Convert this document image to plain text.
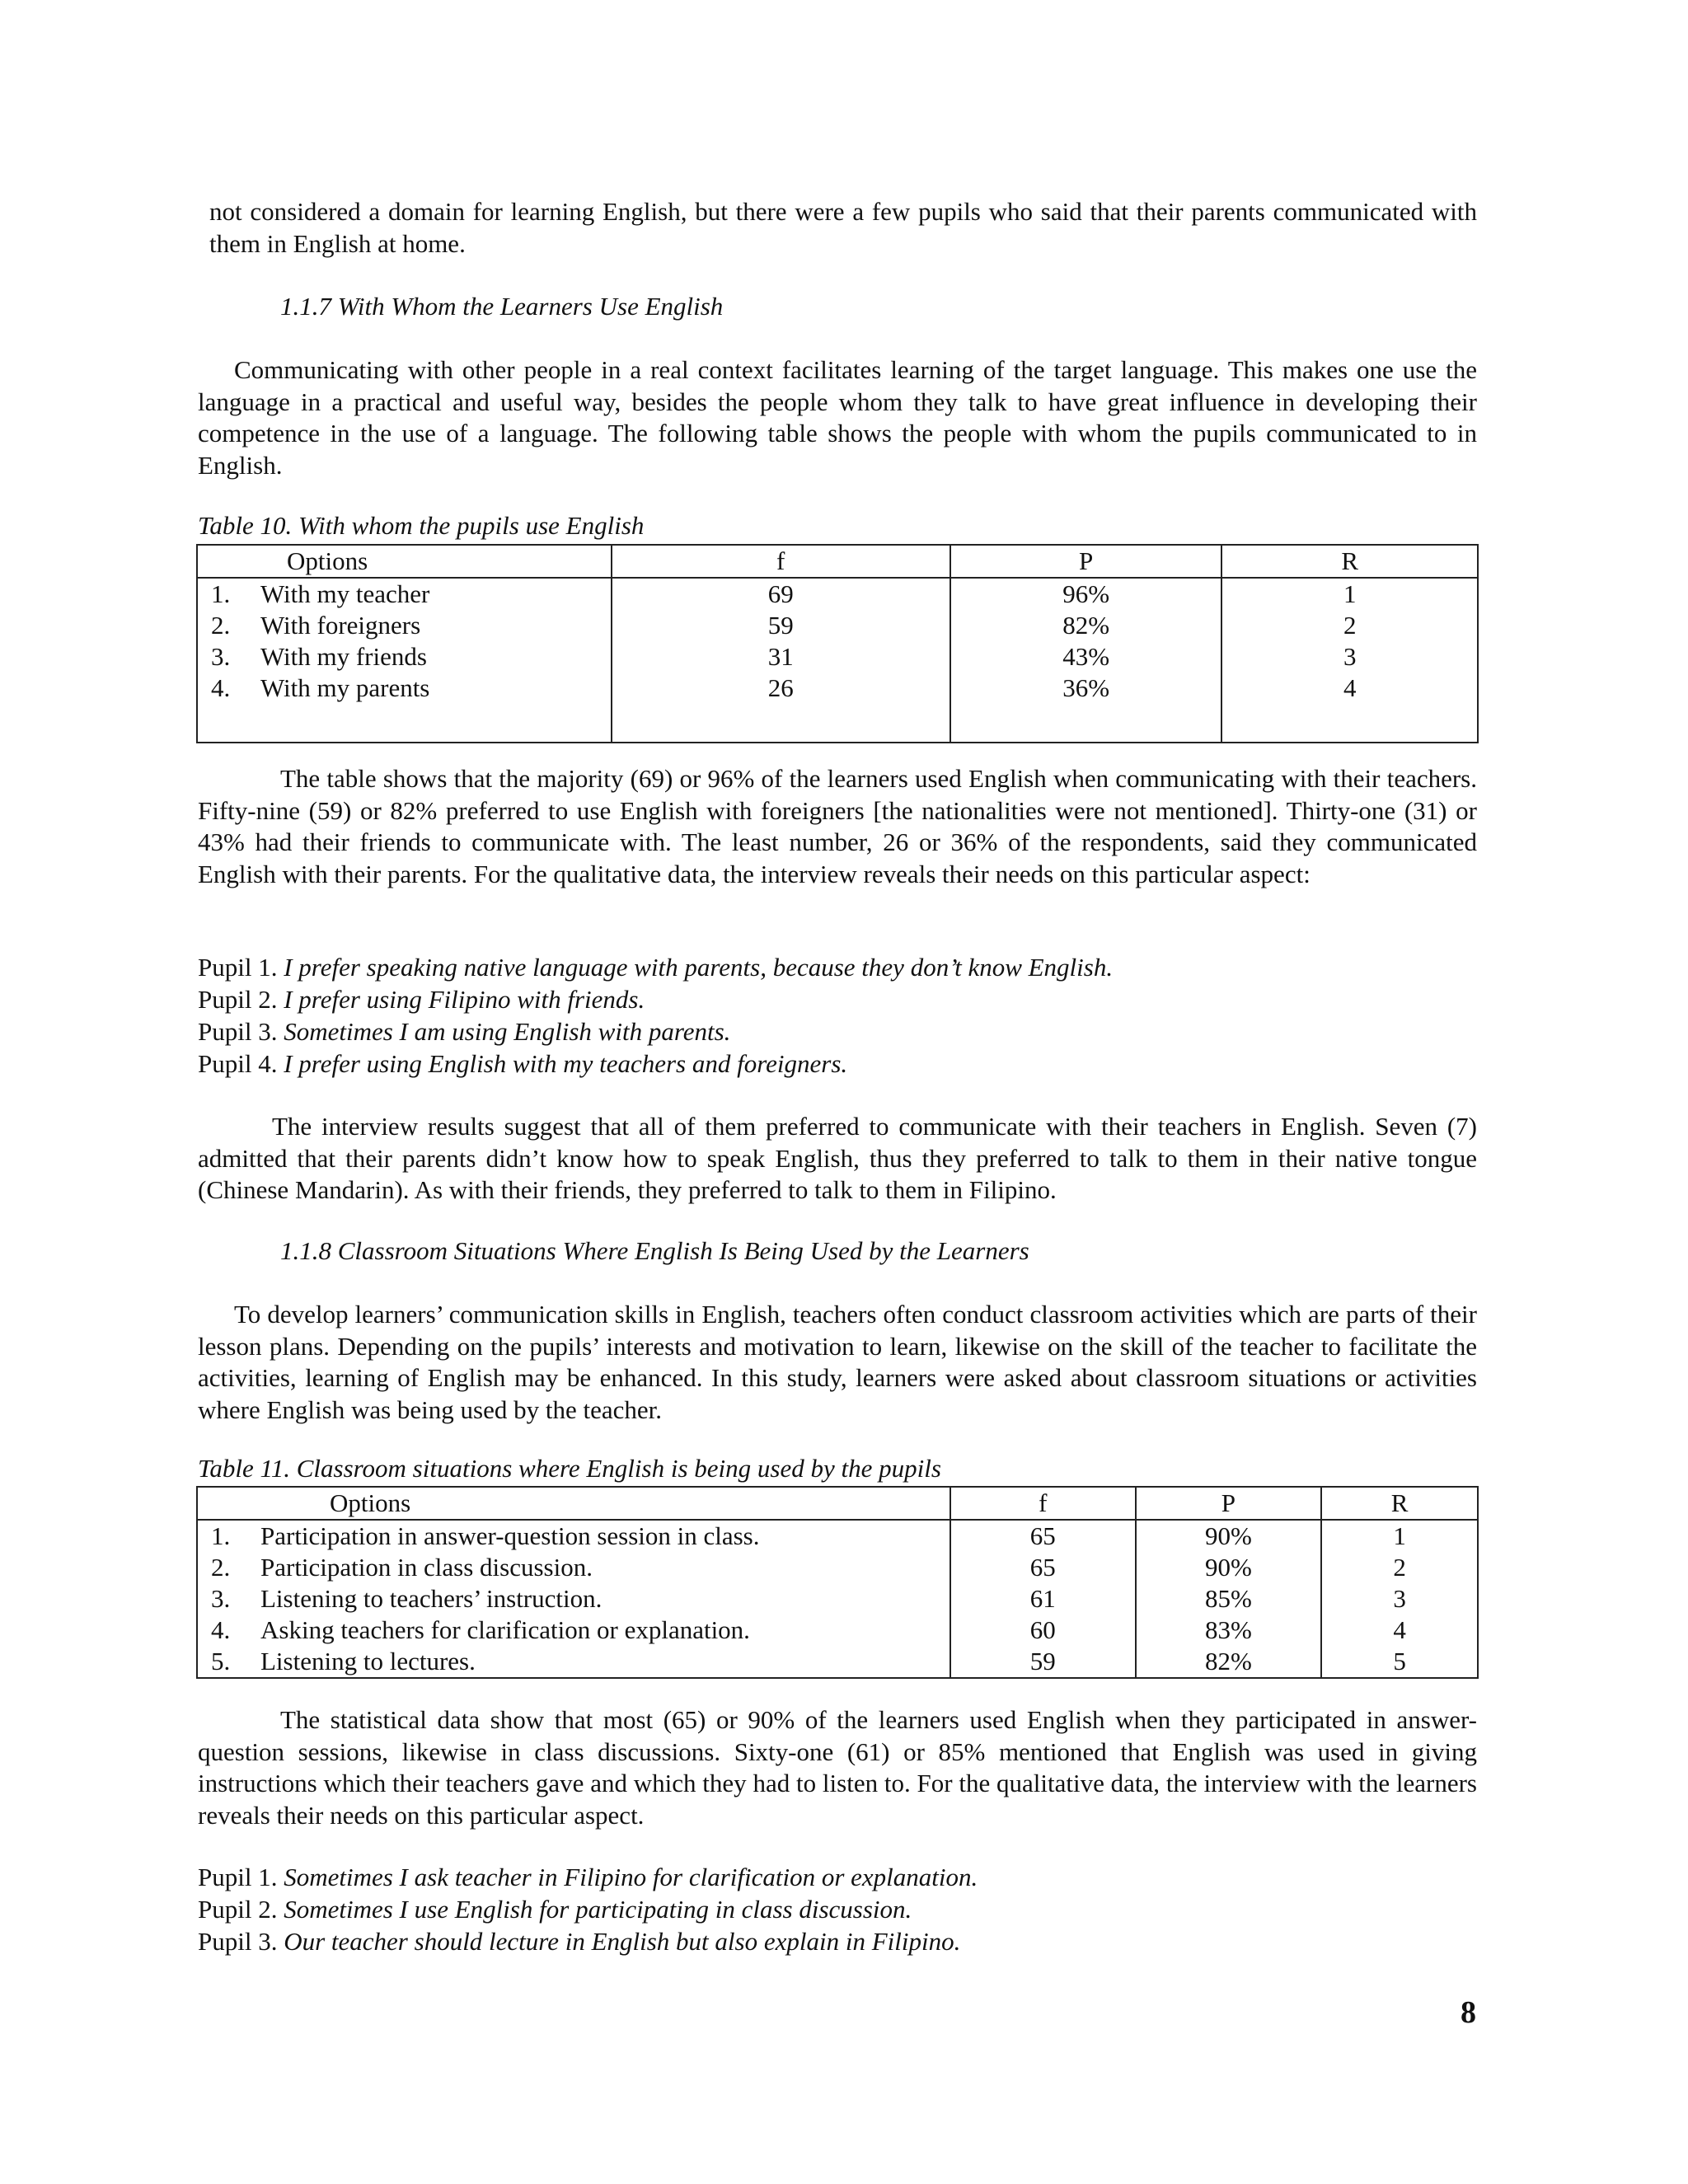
not considered a domain for learning English, but there were a few pupils who said that their parents communicated with them in English at home.

1.1.7 With Whom the Learners Use English

Communicating with other people in a real context facilitates learning of the target language. This makes one use the language in a practical and useful way, besides the people whom they talk to have great influence in developing their competence in the use of a language. The following table shows the people with whom the pupils communicated to in English.

Table 10. With whom the pupils use English

Options	f	P	R
1. With my teacher	69	96%	1
2. With foreigners	59	82%	2
3. With my friends	31	43%	3
4. With my parents	26	36%	4

The table shows that the majority (69) or 96% of the learners used English when communicating with their teachers. Fifty-nine (59) or 82% preferred to use English with foreigners [the nationalities were not mentioned]. Thirty-one (31) or 43% had their friends to communicate with. The least number, 26 or 36% of the respondents, said they communicated English with their parents. For the qualitative data, the interview reveals their needs on this particular aspect:

Pupil 1. I prefer speaking native language with parents, because they don’t know English.
Pupil 2. I prefer using Filipino with friends.
Pupil 3. Sometimes I am using English with parents.
Pupil 4. I prefer using English with my teachers and foreigners.

The interview results suggest that all of them preferred to communicate with their teachers in English. Seven (7) admitted that their parents didn’t know how to speak English, thus they preferred to talk to them in their native tongue (Chinese Mandarin). As with their friends, they preferred to talk to them in Filipino.

1.1.8 Classroom Situations Where English Is Being Used by the Learners

To develop learners’ communication skills in English, teachers often conduct classroom activities which are parts of their lesson plans. Depending on the pupils’ interests and motivation to learn, likewise on the skill of the teacher to facilitate the activities, learning of English may be enhanced. In this study, learners were asked about classroom situations or activities where English was being used by the teacher.

Table 11. Classroom situations where English is being used by the pupils

Options	f	P	R
1. Participation in answer-question session in class.	65	90%	1
2. Participation in class discussion.	65	90%	2
3. Listening to teachers’ instruction.	61	85%	3
4. Asking teachers for clarification or explanation.	60	83%	4
5. Listening to lectures.	59	82%	5

The statistical data show that most (65) or 90% of the learners used English when they participated in answer-question sessions, likewise in class discussions. Sixty-one (61) or 85% mentioned that English was used in giving instructions which their teachers gave and which they had to listen to. For the qualitative data, the interview with the learners reveals their needs on this particular aspect.

Pupil 1. Sometimes I ask teacher in Filipino for clarification or explanation.
Pupil 2. Sometimes I use English for participating in class discussion.
Pupil 3. Our teacher should lecture in English but also explain in Filipino.
8
